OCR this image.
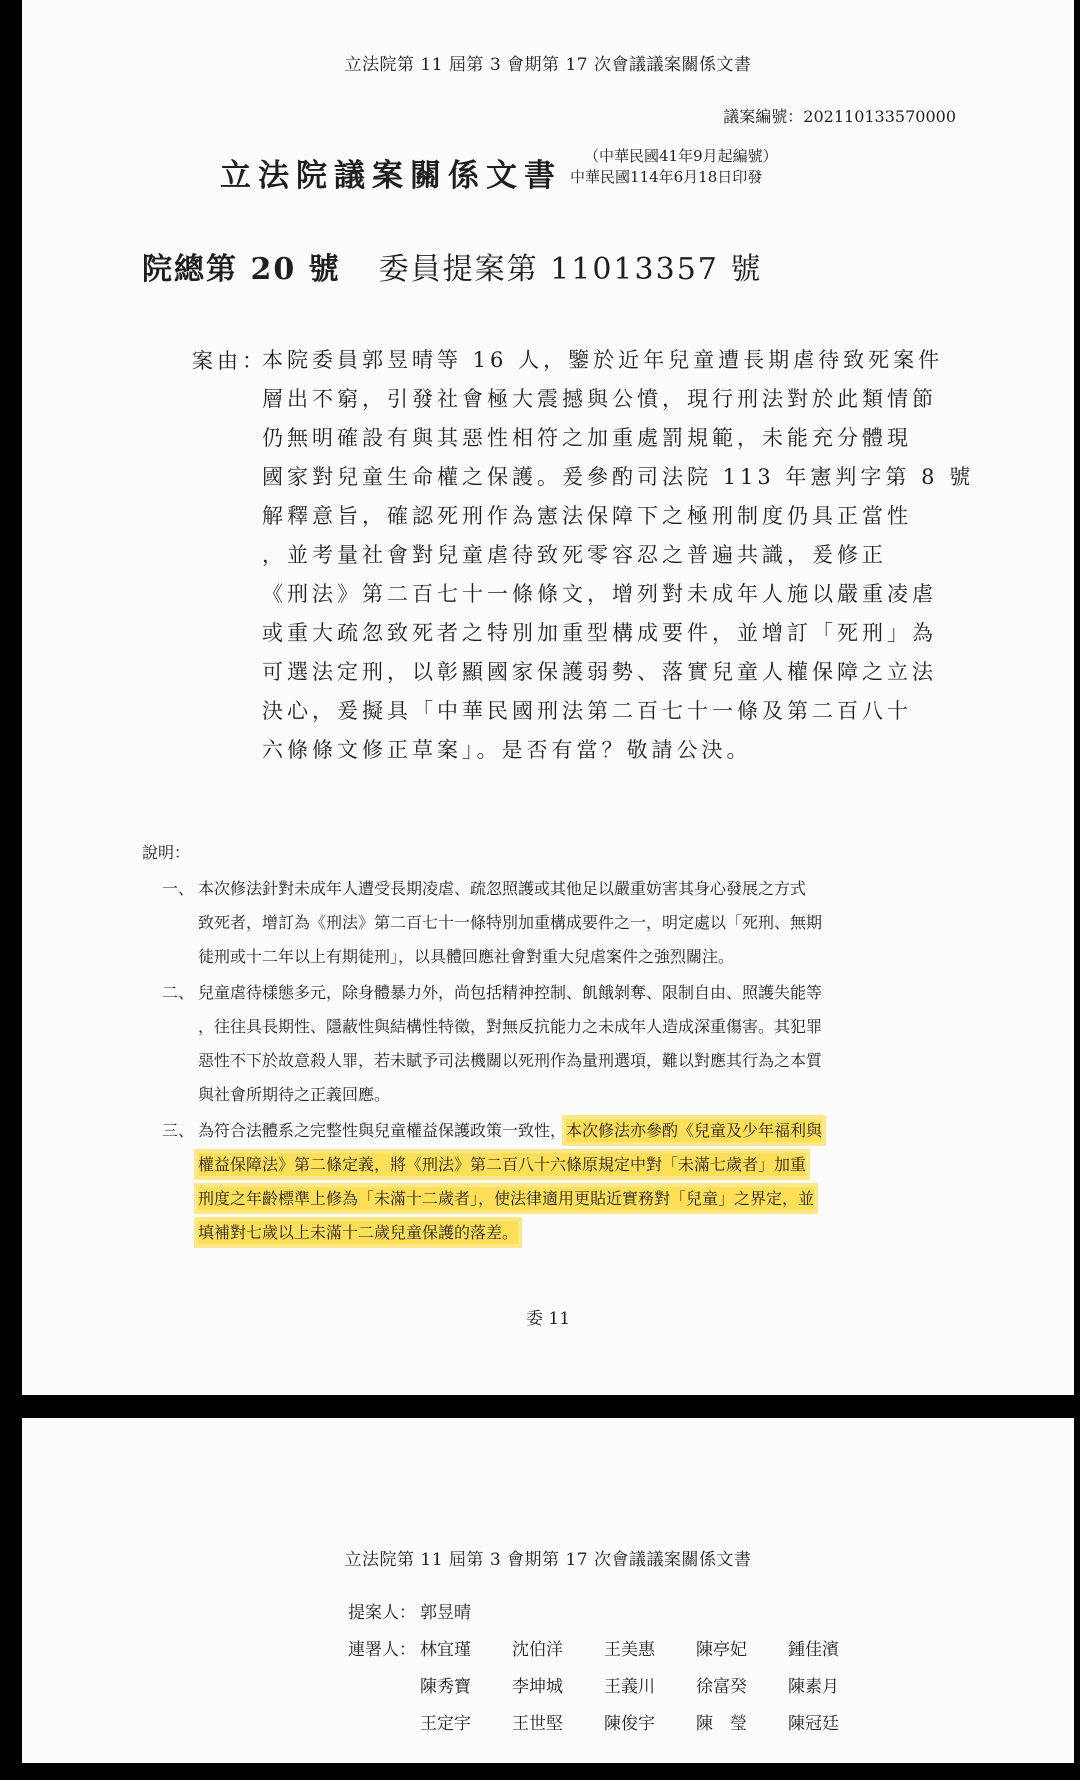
立法院第 11 屆第 3 會期第 17 次會議議案關係文書
議案編號：202110133570000
立法院議案關係文書
（中華民國41年9月起編號）
中華民國114年6月18日印發
院總第 20 號 委員提案第 11013357 號
案由：
本院委員郭昱晴等 16 人，鑒於近年兒童遭長期虐待致死案件
層出不窮，引發社會極大震撼與公憤，現行刑法對於此類情節
仍無明確設有與其惡性相符之加重處罰規範，未能充分體現
國家對兒童生命權之保護。爰參酌司法院 113 年憲判字第 8 號
解釋意旨，確認死刑作為憲法保障下之極刑制度仍具正當性
，並考量社會對兒童虐待致死零容忍之普遍共識，爰修正
《刑法》第二百七十一條條文，增列對未成年人施以嚴重凌虐
或重大疏忽致死者之特別加重型構成要件，並增訂「死刑」為
可選法定刑，以彰顯國家保護弱勢、落實兒童人權保障之立法
決心，爰擬具「中華民國刑法第二百七十一條及第二百八十
六條條文修正草案」。是否有當？敬請公決。
說明：
一、 本次修法針對未成年人遭受長期凌虐、疏忽照護或其他足以嚴重妨害其身心發展之方式
致死者，增訂為《刑法》第二百七十一條特別加重構成要件之一，明定處以「死刑、無期
徒刑或十二年以上有期徒刑」，以具體回應社會對重大兒虐案件之強烈關注。
二、 兒童虐待樣態多元，除身體暴力外，尚包括精神控制、飢餓剝奪、限制自由、照護失能等
，往往具長期性、隱蔽性與結構性特徵，對無反抗能力之未成年人造成深重傷害。其犯罪
惡性不下於故意殺人罪，若未賦予司法機關以死刑作為量刑選項，難以對應其行為之本質
與社會所期待之正義回應。
三、 為符合法體系之完整性與兒童權益保護政策一致性，本次修法亦參酌《兒童及少年福利與
權益保障法》第二條定義，將《刑法》第二百八十六條原規定中對「未滿七歲者」加重
刑度之年齡標準上修為「未滿十二歲者」，使法律適用更貼近實務對「兒童」之界定，並
填補對七歲以上未滿十二歲兒童保護的落差。
委 11
立法院第 11 屆第 3 會期第 17 次會議議案關係文書
提案人： 郭昱晴
連署人： 林宜瑾 沈伯洋 王美惠 陳亭妃 鍾佳濱
陳秀寶 李坤城 王義川 徐富癸 陳素月
王定宇 王世堅 陳俊宇 陳　瑩 陳冠廷
